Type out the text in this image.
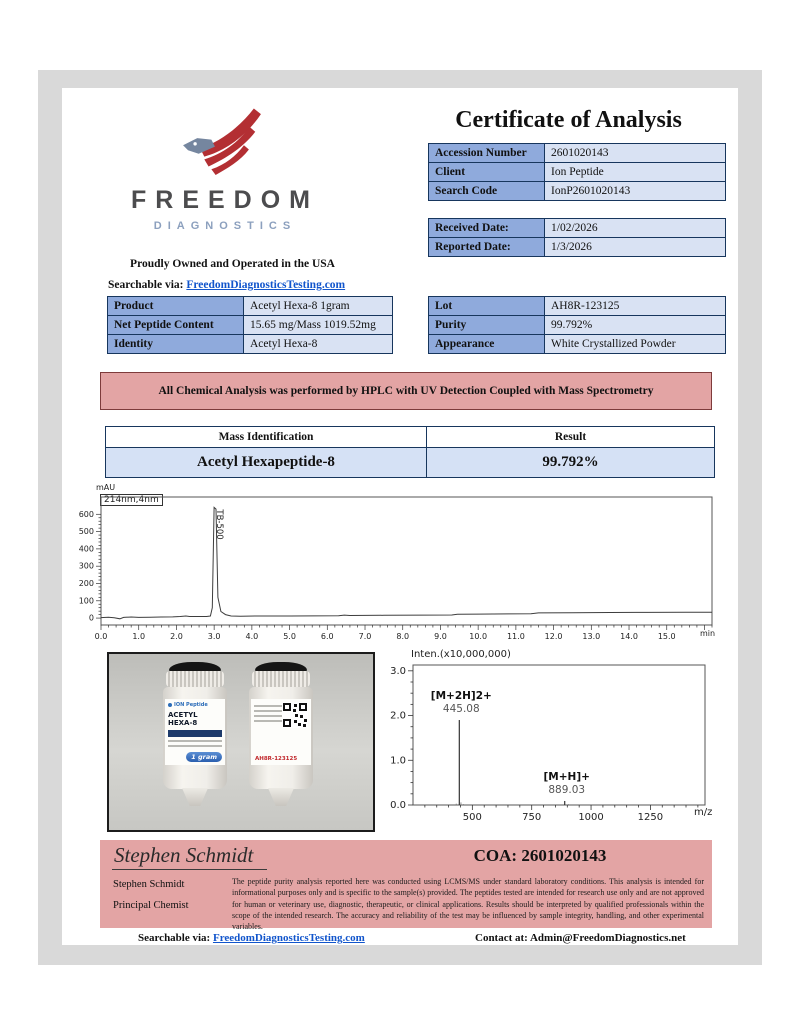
FREEDOM
DIAGNOSTICS
Proudly Owned and Operated in the USA
Searchable via: FreedomDiagnosticsTesting.com
Certificate of Analysis
Accession Number	2601020143
Client	Ion Peptide
Search Code	IonP2601020143
Received Date:	1/02/2026
Reported Date:	1/3/2026
Product	Acetyl Hexa-8 1gram
Net Peptide Content	15.65 mg/Mass 1019.52mg
Identity	Acetyl Hexa-8
Lot	AH8R-123125
Purity	99.792%
Appearance	White Crystallized Powder
All Chemical Analysis was performed by HPLC with UV Detection Coupled with Mass Spectrometry
Mass Identification	Result
Acetyl Hexapeptide-8	99.792%
mAU
214nm,4nm
min
0.0	1.0	2.0	3.0	4.0	5.0	6.0	7.0	8.0	9.0	10.0 11.0 12.0 13.0 14.0 15.0
0
100
200
300
400
500
600	TB-500
ION Peptide
ACETYL HEXA-8
1 gram	AH8R-123125
Inten.(x10,000,000)
m/z
0.0
1.0
2.0
3.0
500	750	1000	1250
[M+2H]2+
445.08
[M+H]+
889.03
Stephen Schmidt	COA: 2601020143
Stephen Schmidt
Principal Chemist
The peptide purity analysis reported here was conducted using LCMS/MS under standard laboratory conditions. This analysis is intended for informational purposes only and is specific to the sample(s) provided. The peptides tested are intended for research use only and are not approved for human or veterinary use, diagnostic, therapeutic, or clinical applications. Results should be interpreted by qualified professionals within the scope of the intended research. The accuracy and reliability of the test may be influenced by sample integrity, handling, and other experimental variables.
Searchable via: FreedomDiagnosticsTesting.com	Contact at: Admin@FreedomDiagnostics.net
